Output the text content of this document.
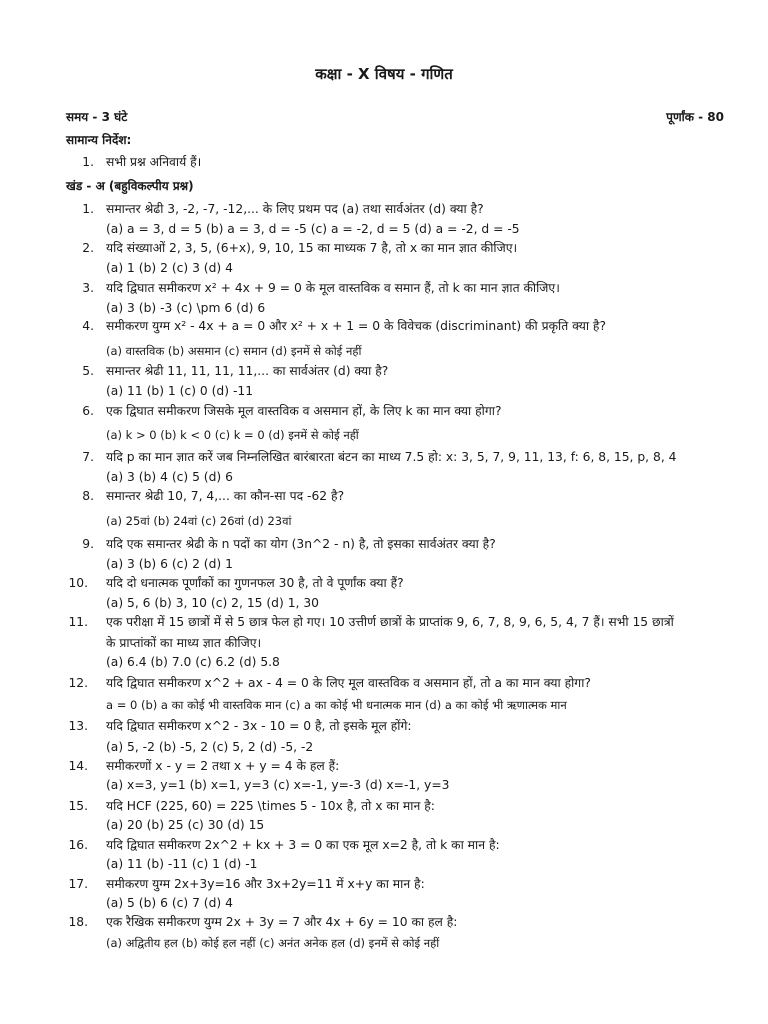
कक्षा - X विषय - गणित
समय - 3 घंटे	पूर्णांक - 80
सामान्य निर्देश:
1. सभी प्रश्न अनिवार्य हैं।
खंड - अ (बहुविकल्पीय प्रश्न)
1. समान्तर श्रेढी 3, -2, -7, -12,... के लिए प्रथम पद (a) तथा सार्वअंतर (d) क्या है?
(a) a = 3, d = 5 (b) a = 3, d = -5 (c) a = -2, d = 5 (d) a = -2, d = -5
2. यदि संख्याओं 2, 3, 5, (6+x), 9, 10, 15 का माध्यक 7 है, तो x का मान ज्ञात कीजिए।
(a) 1 (b) 2 (c) 3 (d) 4
3. यदि द्विघात समीकरण x² + 4x + 9 = 0 के मूल वास्तविक व समान हैं, तो k का मान ज्ञात कीजिए।
(a) 3 (b) -3 (c) \pm 6 (d) 6
4. समीकरण युग्म x² - 4x + a = 0 और x² + x + 1 = 0 के विवेचक (discriminant) की प्रकृति क्या है?
(a) वास्तविक (b) असमान (c) समान (d) इनमें से कोई नहीं
5. समान्तर श्रेढी 11, 11, 11, 11,... का सार्वअंतर (d) क्या है?
(a) 11 (b) 1 (c) 0 (d) -11
6. एक द्विघात समीकरण जिसके मूल वास्तविक व असमान हों, के लिए k का मान क्या होगा?
(a) k > 0 (b) k < 0 (c) k = 0 (d) इनमें से कोई नहीं
7. यदि p का मान ज्ञात करें जब निम्नलिखित बारंबारता बंटन का माध्य 7.5 हो: x: 3, 5, 7, 9, 11, 13, f: 6, 8, 15, p, 8, 4
(a) 3 (b) 4 (c) 5 (d) 6
8. समान्तर श्रेढी 10, 7, 4,... का कौन-सा पद -62 है?
(a) 25वां (b) 24वां (c) 26वां (d) 23वां
9. यदि एक समान्तर श्रेढी के n पदों का योग (3n^2 - n) है, तो इसका सार्वअंतर क्या है?
(a) 3 (b) 6 (c) 2 (d) 1
10. यदि दो धनात्मक पूर्णांकों का गुणनफल 30 है, तो वे पूर्णांक क्या हैं?
(a) 5, 6 (b) 3, 10 (c) 2, 15 (d) 1, 30
11. एक परीक्षा में 15 छात्रों में से 5 छात्र फेल हो गए। 10 उत्तीर्ण छात्रों के प्राप्तांक 9, 6, 7, 8, 9, 6, 5, 4, 7 हैं। सभी 15 छात्रों
के प्राप्तांकों का माध्य ज्ञात कीजिए।
(a) 6.4 (b) 7.0 (c) 6.2 (d) 5.8
12. यदि द्विघात समीकरण x^2 + ax - 4 = 0 के लिए मूल वास्तविक व असमान हों, तो a का मान क्या होगा?
a = 0 (b) a का कोई भी वास्तविक मान (c) a का कोई भी धनात्मक मान (d) a का कोई भी ऋणात्मक मान
13. यदि द्विघात समीकरण x^2 - 3x - 10 = 0 है, तो इसके मूल होंगे:
(a) 5, -2 (b) -5, 2 (c) 5, 2 (d) -5, -2
14. समीकरणों x - y = 2 तथा x + y = 4 के हल हैं:
(a) x=3, y=1 (b) x=1, y=3 (c) x=-1, y=-3 (d) x=-1, y=3
15. यदि HCF (225, 60) = 225 \times 5 - 10x है, तो x का मान है:
(a) 20 (b) 25 (c) 30 (d) 15
16. यदि द्विघात समीकरण 2x^2 + kx + 3 = 0 का एक मूल x=2 है, तो k का मान है:
(a) 11 (b) -11 (c) 1 (d) -1
17. समीकरण युग्म 2x+3y=16 और 3x+2y=11 में x+y का मान है:
(a) 5 (b) 6 (c) 7 (d) 4
18. एक रैखिक समीकरण युग्म 2x + 3y = 7 और 4x + 6y = 10 का हल है:
(a) अद्वितीय हल (b) कोई हल नहीं (c) अनंत अनेक हल (d) इनमें से कोई नहीं
